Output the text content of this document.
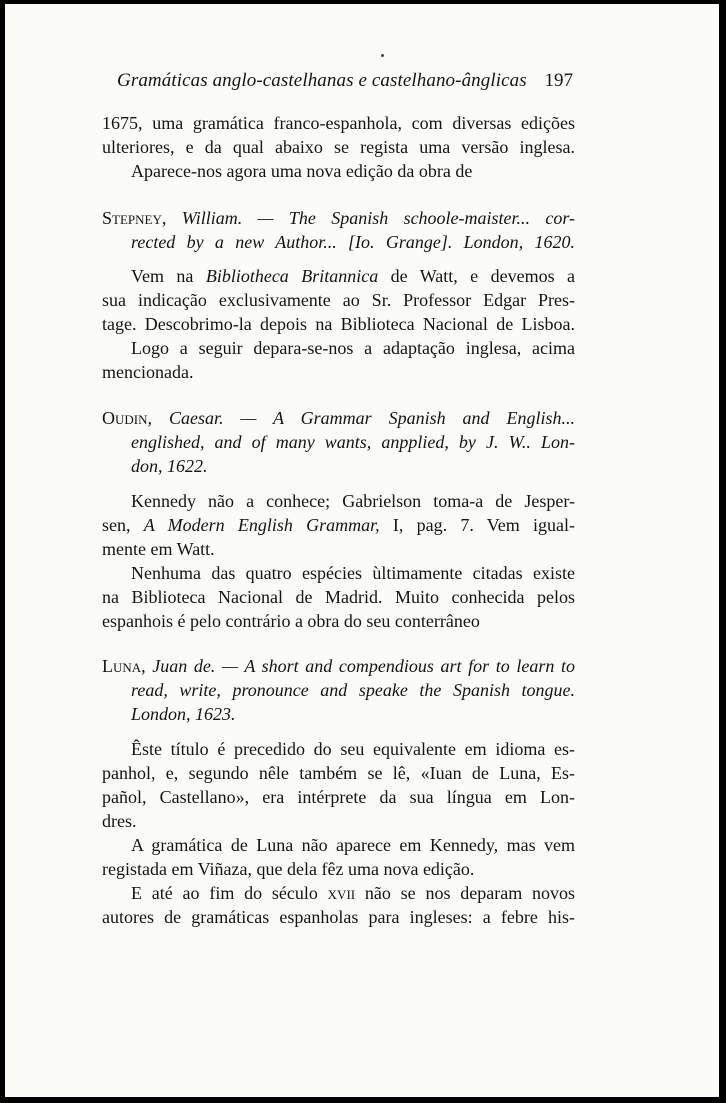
Gramáticas anglo-castelhanas e castelhano-ânglicas 197
1675, uma gramática franco-espanhola, com diversas edições
ulteriores, e da qual abaixo se regista uma versão inglesa.
Aparece-nos agora uma nova edição da obra de
Stepney, William. — The Spanish schoole-maister... cor-
rected by a new Author... [Io. Grange]. London, 1620.
Vem na Bibliotheca Britannica de Watt, e devemos a
sua indicação exclusivamente ao Sr. Professor Edgar Pres-
tage. Descobrimo-la depois na Biblioteca Nacional de Lisboa.
Logo a seguir depara-se-nos a adaptação inglesa, acima
mencionada.
Oudin, Caesar. — A Grammar Spanish and English...
englished, and of many wants, anpplied, by J. W.. Lon-
don, 1622.
Kennedy não a conhece; Gabrielson toma-a de Jesper-
sen, A Modern English Grammar, I, pag. 7. Vem igual-
mente em Watt.
Nenhuma das quatro espécies ùltimamente citadas existe
na Biblioteca Nacional de Madrid. Muito conhecida pelos
espanhois é pelo contrário a obra do seu conterrâneo
Luna, Juan de. — A short and compendious art for to learn to
read, write, pronounce and speake the Spanish tongue.
London, 1623.
Êste título é precedido do seu equivalente em idioma es-
panhol, e, segundo nêle também se lê, «Iuan de Luna, Es-
pañol, Castellano», era intérprete da sua língua em Lon-
dres.
A gramática de Luna não aparece em Kennedy, mas vem
registada em Viñaza, que dela fêz uma nova edição.
E até ao fim do século xvii não se nos deparam novos
autores de gramáticas espanholas para ingleses: a febre his-
